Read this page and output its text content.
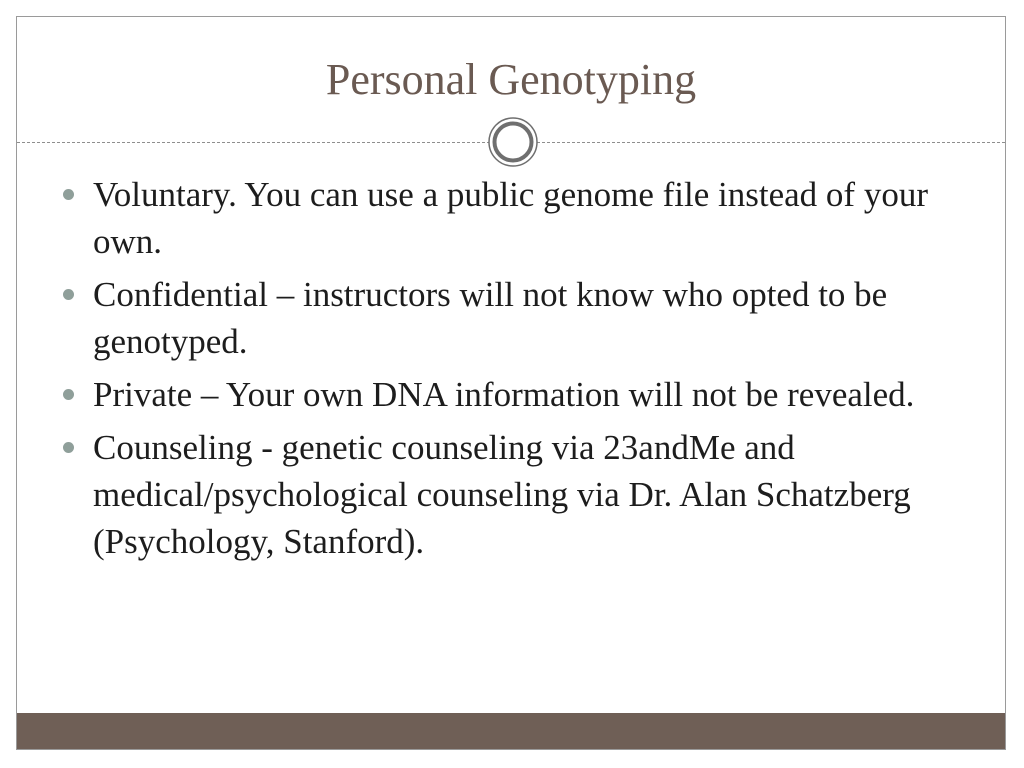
Personal Genotyping
Voluntary. You can use a public genome file instead of your own.
Confidential – instructors will not know who opted to be genotyped.
Private – Your own DNA information will not be revealed.
Counseling - genetic counseling via 23andMe and medical/psychological counseling via Dr. Alan Schatzberg (Psychology, Stanford).
